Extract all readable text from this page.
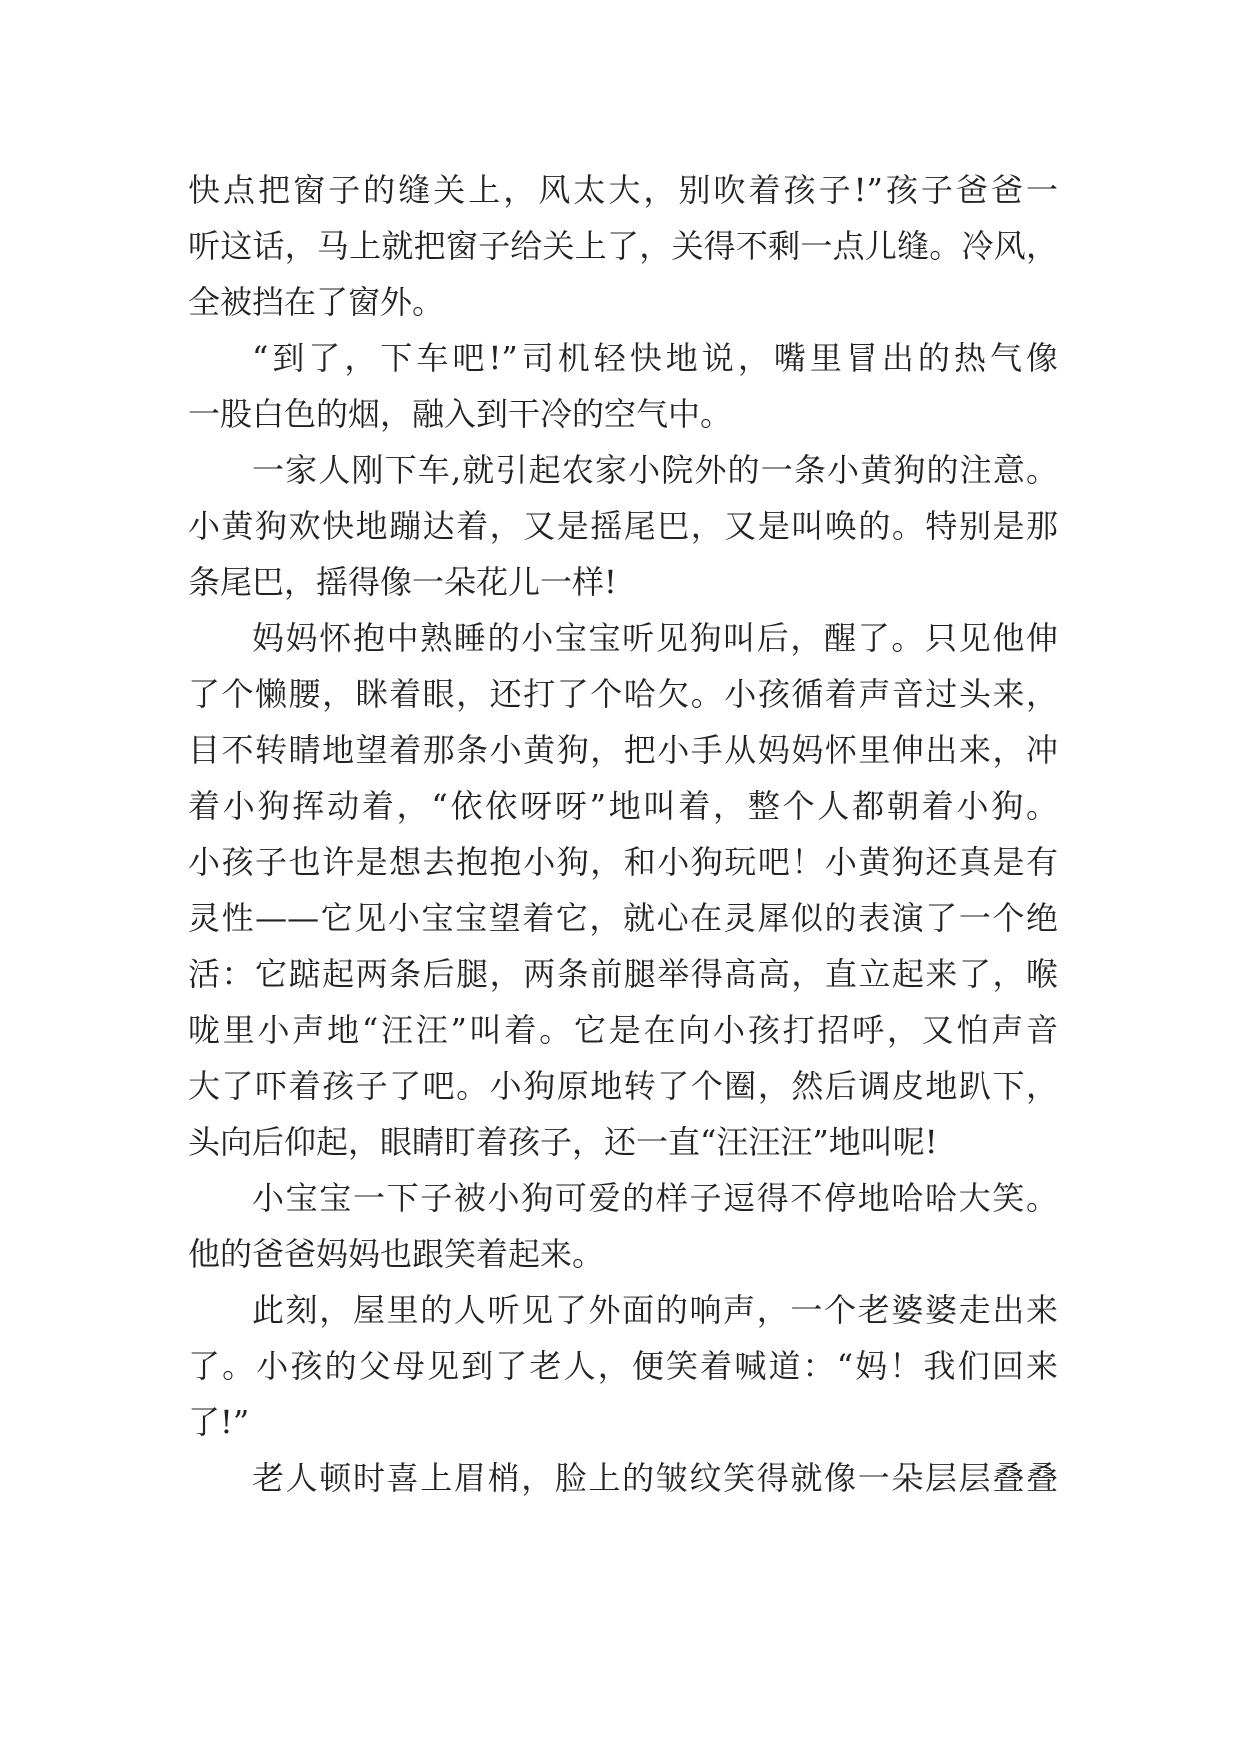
快点把窗子的缝关上，风太大，别吹着孩子!”孩子爸爸一
听这话，马上就把窗子给关上了，关得不剩一点儿缝。冷风，
全被挡在了窗外。
“到了，下车吧!”司机轻快地说，嘴里冒出的热气像
一股白色的烟，融入到干冷的空气中。
一家人刚下车,就引起农家小院外的一条小黄狗的注意。
小黄狗欢快地蹦达着，又是摇尾巴，又是叫唤的。特别是那
条尾巴，摇得像一朵花儿一样!
妈妈怀抱中熟睡的小宝宝听见狗叫后，醒了。只见他伸
了个懒腰，眯着眼，还打了个哈欠。小孩循着声音过头来，
目不转睛地望着那条小黄狗，把小手从妈妈怀里伸出来，冲
着小狗挥动着，“依依呀呀”地叫着，整个人都朝着小狗。
小孩子也许是想去抱抱小狗，和小狗玩吧！小黄狗还真是有
灵性——它见小宝宝望着它，就心在灵犀似的表演了一个绝
活：它踮起两条后腿，两条前腿举得高高，直立起来了，喉
咙里小声地“汪汪”叫着。它是在向小孩打招呼，又怕声音
大了吓着孩子了吧。小狗原地转了个圈，然后调皮地趴下，
头向后仰起，眼睛盯着孩子，还一直“汪汪汪”地叫呢!
小宝宝一下子被小狗可爱的样子逗得不停地哈哈大笑。
他的爸爸妈妈也跟笑着起来。
此刻，屋里的人听见了外面的响声，一个老婆婆走出来
了。小孩的父母见到了老人，便笑着喊道：“妈！我们回来
了!”
老人顿时喜上眉梢，脸上的皱纹笑得就像一朵层层叠叠
